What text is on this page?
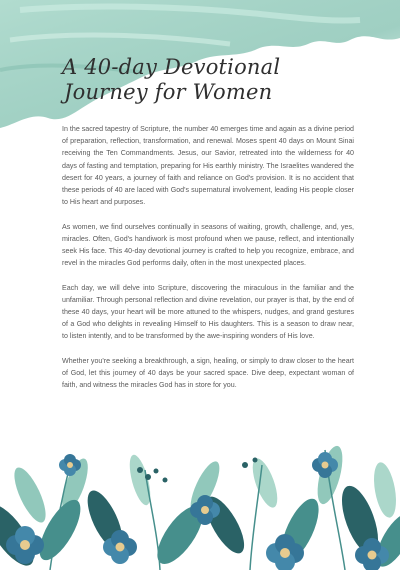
A 40-day Devotional
Journey for Women

In the sacred tapestry of Scripture, the number 40 emerges time and again as a divine period of preparation, reflection, transformation, and renewal. Moses spent 40 days on Mount Sinai receiving the Ten Commandments. Jesus, our Savior, retreated into the wilderness for 40 days of fasting and temptation, preparing for His earthly ministry. The Israelites wandered the desert for 40 years, a journey of faith and reliance on God's provision. It is no accident that these periods of 40 are laced with God's supernatural involvement, leading His people closer to His heart and purposes.

As women, we find ourselves continually in seasons of waiting, growth, challenge, and, yes, miracles. Often, God's handiwork is most profound when we pause, reflect, and intentionally seek His face. This 40-day devotional journey is crafted to help you recognize, embrace, and revel in the miracles God performs daily, often in the most unexpected places.

Each day, we will delve into Scripture, discovering the miraculous in the familiar and the unfamiliar. Through personal reflection and divine revelation, our prayer is that, by the end of these 40 days, your heart will be more attuned to the whispers, nudges, and grand gestures of a God who delights in revealing Himself to His daughters. This is a season to draw near, to listen intently, and to be transformed by the awe-inspiring wonders of His love.

Whether you're seeking a breakthrough, a sign, healing, or simply to draw closer to the heart of God, let this journey of 40 days be your sacred space. Dive deep, expectant woman of faith, and witness the miracles God has in store for you.
